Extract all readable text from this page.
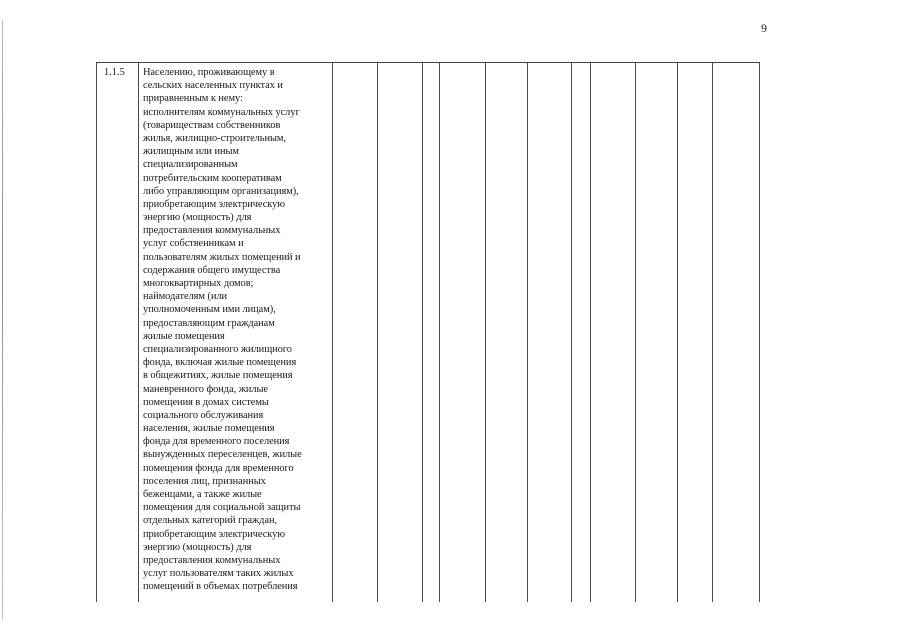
9
1.1.5 Населению, проживающему в
сельских населенных пунктах и
приравненным к нему:
исполнителям коммунальных услуг
(товариществам собственников
жилья, жилищно-строительным,
жилищным или иным
специализированным
потребительским кооперативам
либо управляющим организациям),
приобретающим электрическую
энергию (мощность) для
предоставления коммунальных
услуг собственникам и
пользователям жилых помещений и
содержания общего имущества
многоквартирных домов;
наймодателям (или
уполномоченным ими лицам),
предоставляющим гражданам
жилые помещения
специализированного жилищного
фонда, включая жилые помещения
в общежитиях, жилые помещения
маневренного фонда, жилые
помещения в домах системы
социального обслуживания
населения, жилые помещения
фонда для временного поселения
вынужденных переселенцев, жилые
помещения фонда для временного
поселения лиц, признанных
беженцами, а также жилые
помещения для социальной защиты
отдельных категорий граждан,
приобретающим электрическую
энергию (мощность) для
предоставления коммунальных
услуг пользователям таких жилых
помещений в объемах потребления
